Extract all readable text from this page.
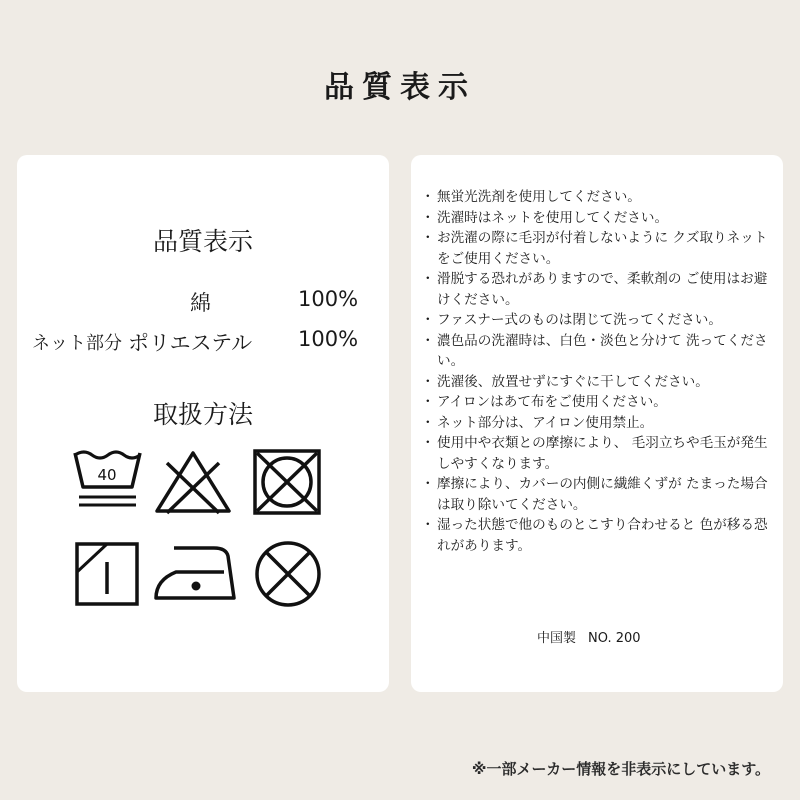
品質表示
品質表示
綿	100%
ネット部分 ポリエステル 100%
取扱方法
40
・ 無蛍光洗剤を使用してください。
・ 洗濯時はネットを使用してください。
・ お洗濯の際に毛羽が付着しないように クズ取りネットをご使用ください。
・ 滑脱する恐れがありますので、柔軟剤の ご使用はお避けください。
・ ファスナー式のものは閉じて洗ってください。
・ 濃色品の洗濯時は、白色・淡色と分けて 洗ってください。
・ 洗濯後、放置せずにすぐに干してください。
・ アイロンはあて布をご使用ください。
・ ネット部分は、アイロン使用禁止。
・ 使用中や衣類との摩擦により、 毛羽立ちや毛玉が発生しやすくなります。
・ 摩擦により、カバーの内側に繊維くずが たまった場合は取り除いてください。
・ 湿った状態で他のものとこすり合わせると 色が移る恐れがあります。
中国製 NO. 200
※一部メーカー情報を非表示にしています。
